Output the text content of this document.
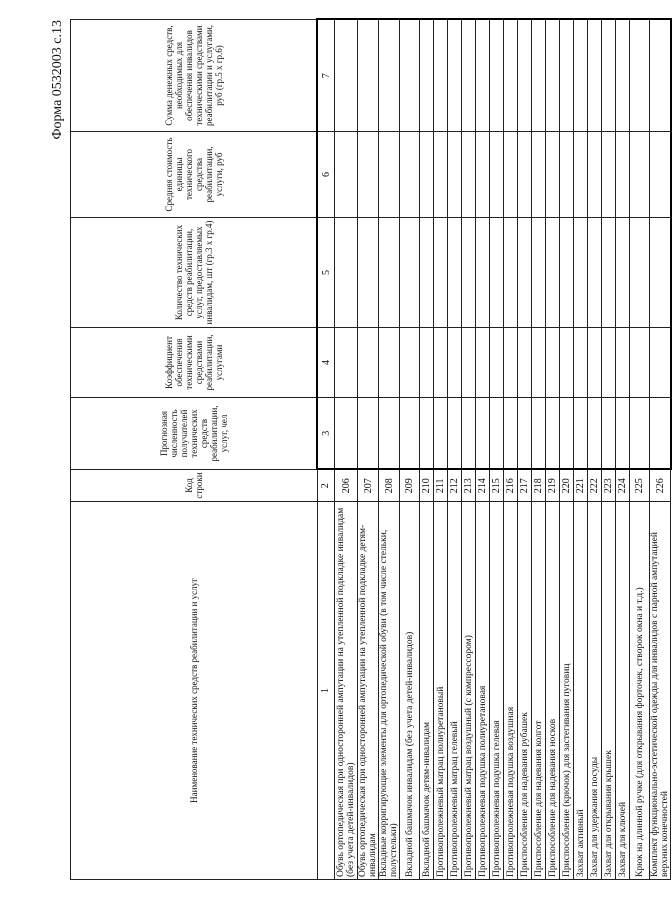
Форма 0532003 с.13
Наименование технических средств реабилитации и услуг	Код строки	Прогнозная численность получателей технических средств реабилитации, услуг, чел	Коэффициент обеспечения техническими средствами реабилитации, услугами	Количество технических средств реабилитации, услуг, предоставляемых инвалидам, шт (гр.3 х гр.4)	Средняя стоимость единицы технического средства реабилитации, услуги, руб	Сумма денежных средств, необходимых для обеспечения инвалидов техническими средствами реабилитации и услугами, руб (гр.5 х гр.6)
1	2	3	4	5	6	7
Обувь ортопедическая при односторонней ампутации на утепленной подкладке инвалидам (без учета детей-инвалидов)	206					
Обувь ортопедическая при односторонней ампутации на утепленной подкладке детям-инвалидам	207					
Вкладные корригирующие элементы для ортопедической обуви (в том числе стельки, полустельки)	208					
Вкладной башмачок инвалидам (без учета детей-инвалидов)	209					
Вкладной башмачок детям-инвалидам	210					
Противопролежневый матрац полиуретановый	211					
Противопролежневый матрац гелевый	212					
Противопролежневый матрац воздушный (с компрессором)	213					
Противопролежневая подушка полиуретановая	214					
Противопролежневая подушка гелевая	215					
Противопролежневая подушка воздушная	216					
Приспособление для надевания рубашек	217					
Приспособление для надевания колгот	218					
Приспособление для надевания носков	219					
Приспособление (крючок) для застегивания пуговиц	220					
Захват активный	221					
Захват для удержания посуды	222					
Захват для открывания крышек	223					
Захват для ключей	224					
Крюк на длинной ручке (для открывания форточек, створок окна и т.д.)	225					
Комплект функционально-эстетической одежды для инвалидов с парной ампутацией верхних конечностей	226					
